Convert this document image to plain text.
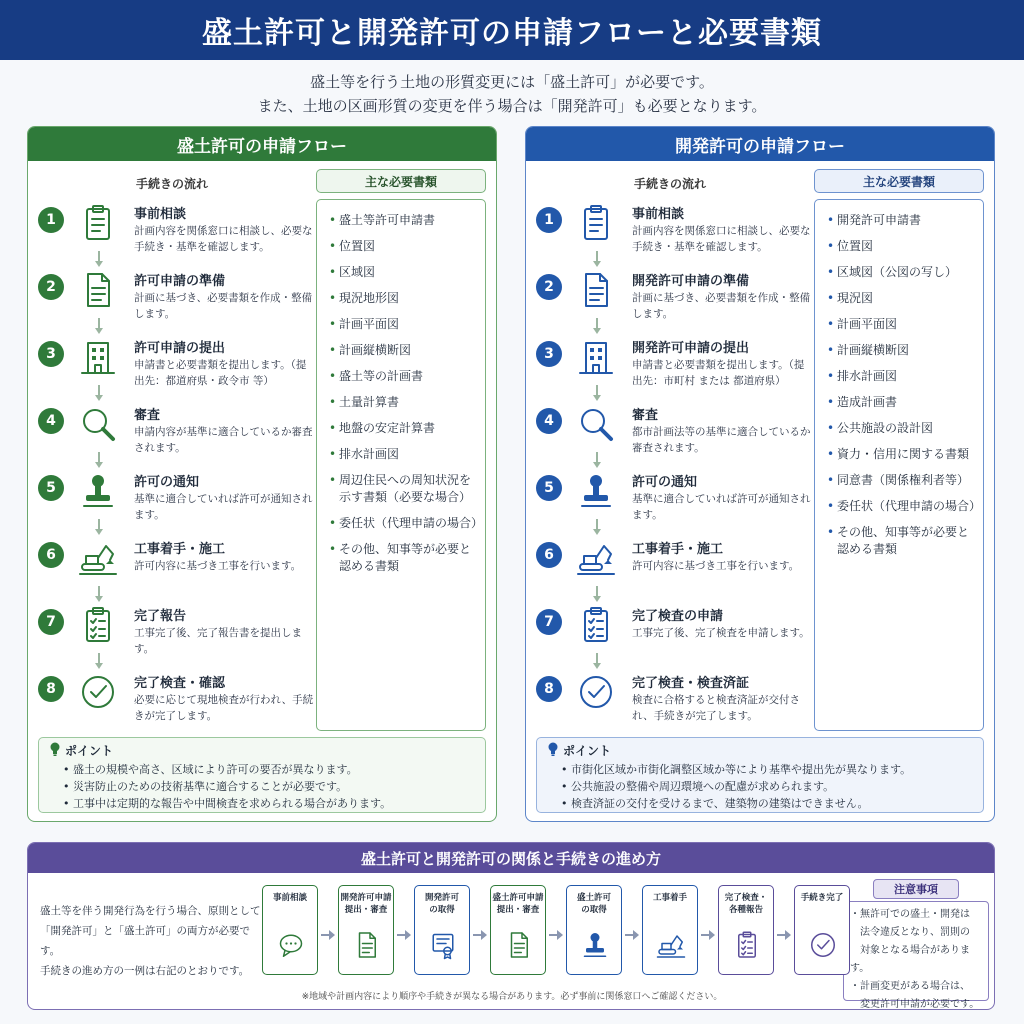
盛土許可と開発許可の申請フローと必要書類
盛土等を行う土地の形質変更には「盛土許可」が必要です。
また、土地の区画形質の変更を伴う場合は「開発許可」も必要となります。
盛土許可の申請フロー
手続きの流れ	主な必要書類
• 盛土等許可申請書
• 位置図
• 区域図
• 現況地形図
• 計画平面図
• 計画縦横断図
• 盛土等の計画書
• 土量計算書
• 地盤の安定計算書
• 排水計画図
• 周辺住民への周知状況を示す書類（必要な場合）
• 委任状（代理申請の場合）
• その他、知事等が必要と認める書類
1	事前相談
計画内容を関係窓口に相談し、必要な手続き・基準を確認します。
2	許可申請の準備
計画に基づき、必要書類を作成・整備します。
3	許可申請の提出
申請書と必要書類を提出します。（提出先：都道府県・政令市 等）
4	審査
申請内容が基準に適合しているか審査されます。
5	許可の通知
基準に適合していれば許可が通知されます。
6	工事着手・施工
許可内容に基づき工事を行います。
7	完了報告
工事完了後、完了報告書を提出します。
8	完了検査・確認
必要に応じて現地検査が行われ、手続きが完了します。
ポイント
• 盛土の規模や高さ、区域により許可の要否が異なります。
• 災害防止のための技術基準に適合することが必要です。
• 工事中は定期的な報告や中間検査を求められる場合があります。
開発許可の申請フロー
手続きの流れ	主な必要書類
• 開発許可申請書
• 位置図
• 区域図（公図の写し）
• 現況図
• 計画平面図
• 計画縦横断図
• 排水計画図
• 造成計画書
• 公共施設の設計図
• 資力・信用に関する書類
• 同意書（関係権利者等）
• 委任状（代理申請の場合）
• その他、知事等が必要と認める書類
1	事前相談
計画内容を関係窓口に相談し、必要な手続き・基準を確認します。
2	開発許可申請の準備
計画に基づき、必要書類を作成・整備します。
3	開発許可申請の提出
申請書と必要書類を提出します。（提出先：市町村 または 都道府県）
4	審査
都市計画法等の基準に適合しているか審査されます。
5	許可の通知
基準に適合していれば許可が通知されます。
6	工事着手・施工
許可内容に基づき工事を行います。
7	完了検査の申請
工事完了後、完了検査を申請します。
8	完了検査・検査済証
検査に合格すると検査済証が交付され、手続きが完了します。
ポイント
• 市街化区域か市街化調整区域か等により基準や提出先が異なります。
• 公共施設の整備や周辺環境への配慮が求められます。
• 検査済証の交付を受けるまで、建築物の建築はできません。
盛土許可と開発許可の関係と手続きの進め方
盛土等を伴う開発行為を行う場合、原則として
「開発許可」と「盛土許可」の両方が必要です。
手続きの進め方の一例は右記のとおりです。
注意事項
・無許可での盛土・開発は
　法令違反となり、罰則の
　対象となる場合があります。
・計画変更がある場合は、
　変更許可申請が必要です。
※地域や計画内容により順序や手続きが異なる場合があります。必ず事前に関係窓口へご確認ください。
事前相談	開発許可申請
提出・審査
開発許可
の取得
盛土許可申請
提出・審査
盛土許可
の取得
工事着手	完了検査・
各種報告
手続き完了
